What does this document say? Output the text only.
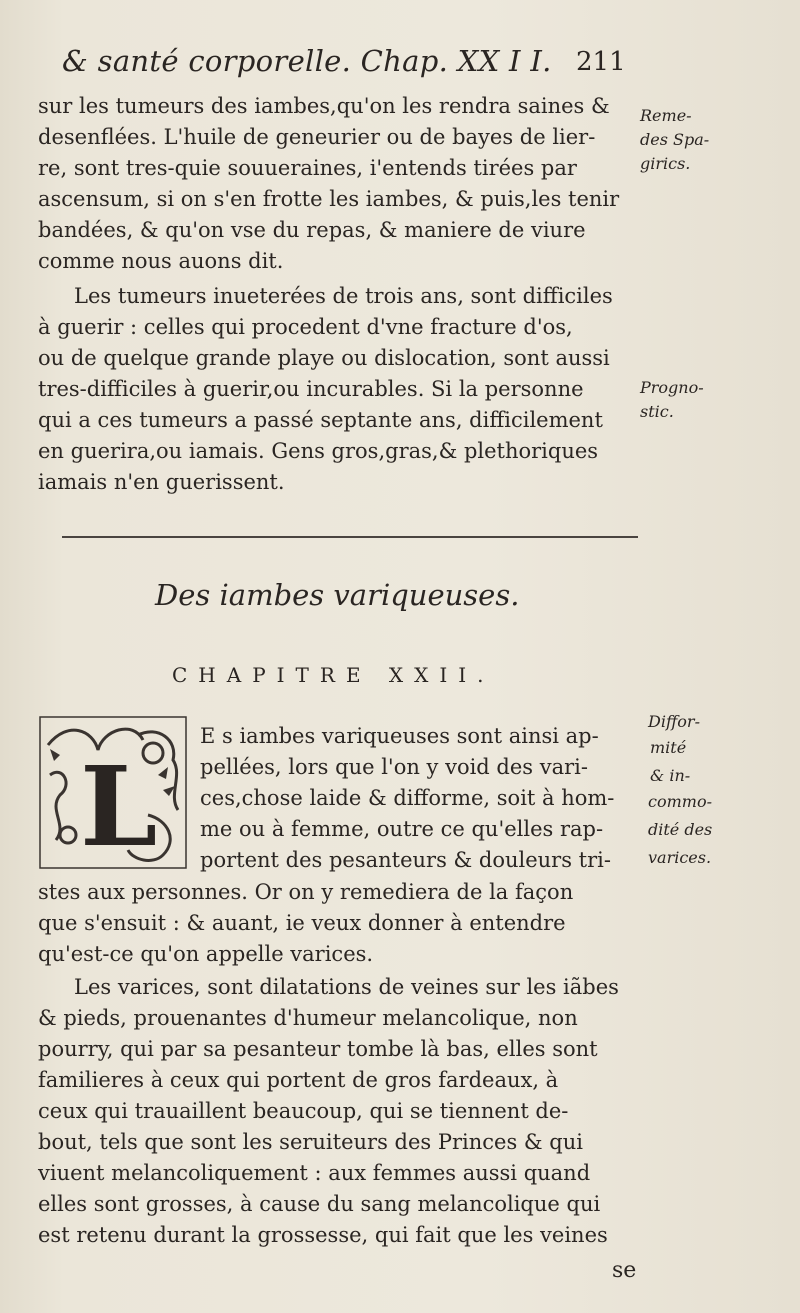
& santé corporelle. Chap. XX I I. 211
sur les tumeurs des iambes,qu'on les rendra saines &
desenflées. L'huile de geneurier ou de bayes de lier-
re, sont tres-quie souueraines, i'entends tirées par
ascensum, si on s'en frotte les iambes, & puis,les tenir
bandées, & qu'on vse du repas, & maniere de viure
comme nous auons dit.
Les tumeurs inueterées de trois ans, sont difficiles
à guerir : celles qui procedent d'vne fracture d'os,
ou de quelque grande playe ou dislocation, sont aussi
tres-difficiles à guerir,ou incurables. Si la personne
qui a ces tumeurs a passé septante ans, difficilement
en guerira,ou iamais. Gens gros,gras,& plethoriques
iamais n'en guerissent.
Reme-
des Spa-
girics.
Progno-
stic.
Des iambes variqueuses.
CHAPITRE XXII.
L
E s iambes variqueuses sont ainsi ap-
pellées, lors que l'on y void des vari-
ces,chose laide & difforme, soit à hom-
me ou à femme, outre ce qu'elles rap-
portent des pesanteurs & douleurs tri-
stes aux personnes. Or on y remediera de la façon
que s'ensuit : & auant, ie veux donner à entendre
qu'est-ce qu'on appelle varices.
Les varices, sont dilatations de veines sur les iãbes
& pieds, prouenantes d'humeur melancolique, non
pourry, qui par sa pesanteur tombe là bas, elles sont
familieres à ceux qui portent de gros fardeaux, à
ceux qui trauaillent beaucoup, qui se tiennent de-
bout, tels que sont les seruiteurs des Princes & qui
viuent melancoliquement : aux femmes aussi quand
elles sont grosses, à cause du sang melancolique qui
est retenu durant la grossesse, qui fait que les veines
Diffor-
mité
& in-
commo-
dité des
varices.
se
